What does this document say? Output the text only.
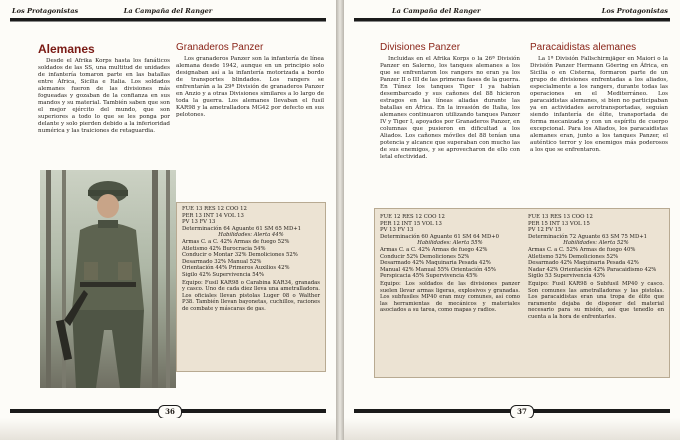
Los Protagonistas	La Campaña del Ranger
Alemanes

Desde el Afrika Korps hasta los fanáticos soldados de las SS, una multitud de unidades de infantería tomaron parte en las batallas entre África, Sicilia e Italia. Los soldados alemanes fueron de las divisiones más fogueadas y gozaban de la confianza en sus mandos y su material. También saben que son el mejor ejército del mundo, que son superiores a todo lo que se les ponga por delante y solo pierden debido a la inferioridad numérica y las traiciones de retaguardia.

Granaderos Panzer

Los granaderos Panzer son la infantería de línea alemana desde 1942, aunque en un principio solo designaban así a la infantería motorizada a bordo de transportes blindados. Los rangers se enfrentarán a la 29ª División de granaderos Panzer en Anzio y a otras Divisiones similares a lo largo de toda la guerra. Los alemanes llevaban el fusil KAR98 y la ametralladora MG42 por defecto en sus pelotones.

FUE 13 RES 12 COO 12

PER 13 INT 14 VOL 13

PV 13 FV 13

Determinación 64 Aguante 61 SM 65 MD+1

Habilidades: Alerta 44%

Armas C. a C. 42% Armas de fuego 52%

Atletismo 42% Burocracia 54%

Conducir o Montar 32% Demoliciones 52%

Desarmado 32% Manual 52%

Orientación 44% Primeros Auxilios 42%

Sigilo 42% Supervivencia 54%

Equipo: Fusil KAR98 o Carabina KAR34, granadas y casco. Uno de cada diez lleva una ametralladora. Los oficiales llevan pistolas Luger 08 o Walther P38. También llevan bayonetas, cuchillos, raciones de combate y máscaras de gas.

36
La Campaña del Ranger	Los Protagonistas
Divisiones Panzer

Incluidas en el Afrika Korps o la 26ª División Panzer en Salerno, los tanques alemanes a los que se enfrentaron los rangers no eran ya los Panzer II o III de las primeras fases de la guerra. En Túnez los tanques Tiger I ya habían desembarcado y sus cañones del 88 hicieron estragos en las líneas aliadas durante las batallas en África. En la invasión de Italia, los alemanes continuaron utilizando tanques Panzer IV y Tiger I, apoyados por Granaderos Panzer, en columnas que pusieron en dificultad a los Aliados. Los cañones móviles del 88 tenían una potencia y alcance que superaban con mucho las de sus enemigos, y se aprovecharon de ello con letal efectividad.

Paracaidistas alemanes

La 1ª División Fallschirmjäger en Maiori o la División Panzer Hermann Göering en África, en Sicilia o en Cisterna, formaron parte de un grupo de divisiones enfrentadas a los aliados, especialmente a los rangers, durante todas las operaciones en el Mediterráneo. Los paracaidistas alemanes, si bien no participaban ya en actividades aerotransportadas, seguían siendo infantería de élite, transportada de forma mecanizada y con un espíritu de cuerpo excepcional. Para los Aliados, los paracaidistas alemanes eran, junto a los tanques Panzer, el auténtico terror y los enemigos más poderosos a los que se enfrentaron.

FUE 12 RES 12 COO 12

PER 12 INT 15 VOL 13

PV 13 FV 13

Determinación 60 Aguante 61 SM 64 MD+0

Habilidades: Alerta 55%

Armas C. a C. 42% Armas de fuego 42%

Conducir 52% Demoliciones 52%

Desarmado 42% Maquinaria Pesada 42%

Manual 42% Manual 55% Orientación 45%

Perspicacia 45% Supervivencia 45%

Equipo: Los soldados de las divisiones panzer suelen llevar armas ligeras, explosivos y granadas. Los subfusiles MP40 eran muy comunes, así como las herramientas de mecánicos y materiales asociados a su tarea, como mapas y radios.

FUE 13 RES 13 COO 12

PER 15 INT 13 VOL 15

PV 12 FV 15

Determinación 72 Aguante 63 SM 75 MD+1

Habilidades: Alerta 52%

Armas C. a C. 52% Armas de fuego 40%

Atletismo 52% Demoliciones 52%

Desarmado 42% Maquinaria Pesada 42%

Nadar 42% Orientación 42% Paracaidismo 42%

Sigilo 53 Supervivencia 43%

Equipo: Fusil KAR98 o Subfusil MP40 y casco. Son comunes las ametralladoras y las pistolas. Los paracaidistas eran una tropa de élite que raramente dejaba de disponer del material necesario para su misión, así que tenedlo en cuenta a la hora de enfrentarles.

37
